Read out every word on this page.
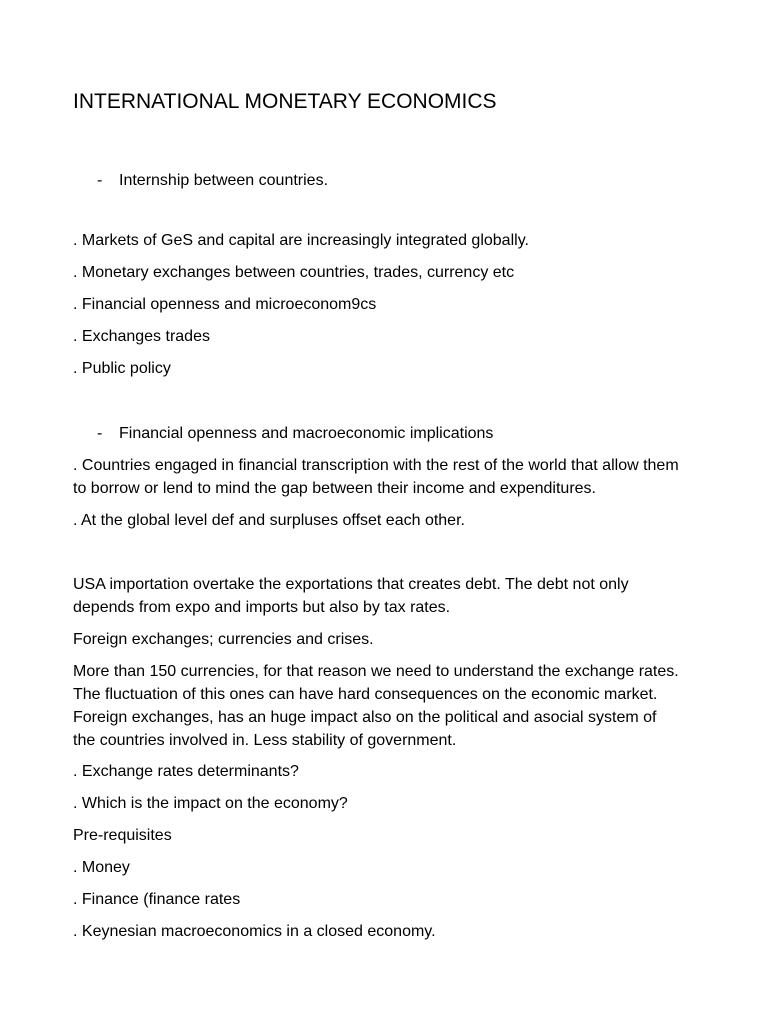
INTERNATIONAL MONETARY ECONOMICS
- Internship between countries.
. Markets of GeS and capital are increasingly integrated globally.
. Monetary exchanges between countries, trades, currency etc
. Financial openness and microeconom9cs
. Exchanges trades
. Public policy
- Financial openness and macroeconomic implications
. Countries engaged in financial transcription with the rest of the world that allow them to borrow or lend to mind the gap between their income and expenditures.
. At the global level def and surpluses offset each other.
USA importation overtake the exportations that creates debt. The debt not only depends from expo and imports but also by tax rates.
Foreign exchanges; currencies and crises.
More than 150 currencies, for that reason we need to understand the exchange rates. The fluctuation of this ones can have hard consequences on the economic market. Foreign exchanges, has an huge impact also on the political and asocial system of the countries involved in. Less stability of government.
. Exchange rates determinants?
. Which is the impact on the economy?
Pre-requisites
. Money
. Finance (finance rates
. Keynesian macroeconomics in a closed economy.
